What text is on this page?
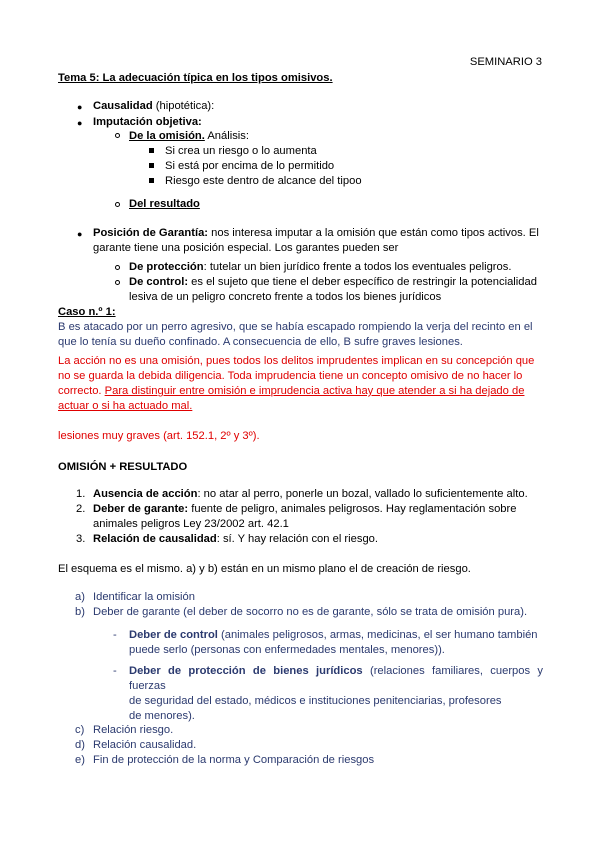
SEMINARIO 3
Tema 5: La adecuación típica en los tipos omisivos.
● Causalidad (hipotética):
● Imputación objetiva:
De la omisión. Análisis:
Si crea un riesgo o lo aumenta
Si está por encima de lo permitido
Riesgo este dentro de alcance del tipoo
Del resultado
● Posición de Garantía: nos interesa imputar a la omisión que están como tipos activos. El
garante tiene una posición especial. Los garantes pueden ser
De protección: tutelar un bien jurídico frente a todos los eventuales peligros.
De control: es el sujeto que tiene el deber específico de restringir la potencialidad
lesiva de un peligro concreto frente a todos los bienes jurídicos
Caso n.º 1:
B es atacado por un perro agresivo, que se había escapado rompiendo la verja del recinto en el
que lo tenía su dueño confinado. A consecuencia de ello, B sufre graves lesiones.
La acción no es una omisión, pues todos los delitos imprudentes implican en su concepción que
no se guarda la debida diligencia. Toda imprudencia tiene un concepto omisivo de no hacer lo
correcto. Para distinguir entre omisión e imprudencia activa hay que atender a si ha dejado de
actuar o si ha actuado mal.
lesiones muy graves (art. 152.1, 2º y 3º).
OMISIÓN + RESULTADO
1. Ausencia de acción: no atar al perro, ponerle un bozal, vallado lo suficientemente alto.
2. Deber de garante: fuente de peligro, animales peligrosos. Hay reglamentación sobre
animales peligros Ley 23/2002 art. 42.1
3. Relación de causalidad: sí. Y hay relación con el riesgo.
El esquema es el mismo. a) y b) están en un mismo plano el de creación de riesgo.
a) Identificar la omisión
b) Deber de garante (el deber de socorro no es de garante, sólo se trata de omisión pura).
- Deber de control (animales peligrosos, armas, medicinas, el ser humano también
puede serlo (personas con enfermedades mentales, menores)).
- Deber de protección de bienes jurídicos (relaciones familiares, cuerpos y fuerzas
de seguridad del estado, médicos e instituciones penitenciarias, profesores
de menores).
c) Relación riesgo.
d) Relación causalidad.
e) Fin de protección de la norma y Comparación de riesgos
